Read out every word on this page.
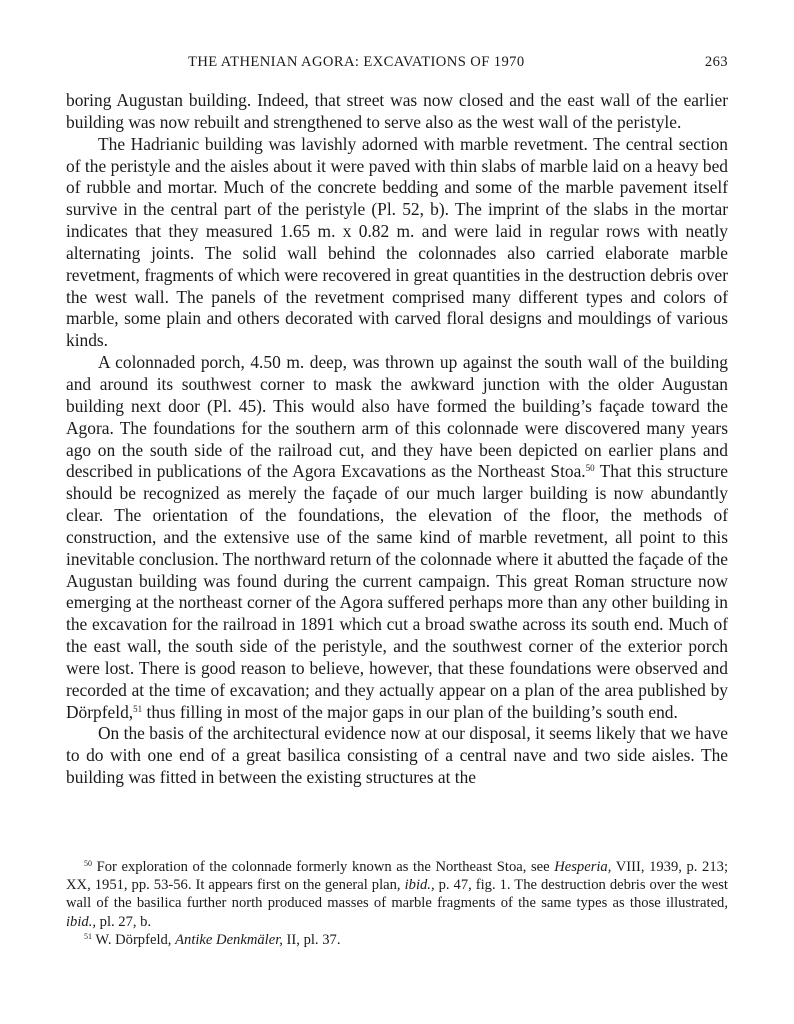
THE ATHENIAN AGORA: EXCAVATIONS OF 1970	263

boring Augustan building. Indeed, that street was now closed and the east wall of the earlier building was now rebuilt and strengthened to serve also as the west wall of the peristyle.

The Hadrianic building was lavishly adorned with marble revetment. The central section of the peristyle and the aisles about it were paved with thin slabs of marble laid on a heavy bed of rubble and mortar. Much of the concrete bedding and some of the marble pavement itself survive in the central part of the peristyle (Pl. 52, b). The imprint of the slabs in the mortar indicates that they measured 1.65 m. x 0.82 m. and were laid in regular rows with neatly alternating joints. The solid wall behind the colonnades also carried elaborate marble revetment, fragments of which were recovered in great quantities in the destruction debris over the west wall. The panels of the revetment comprised many different types and colors of marble, some plain and others decorated with carved floral designs and mouldings of various kinds.

A colonnaded porch, 4.50 m. deep, was thrown up against the south wall of the building and around its southwest corner to mask the awkward junction with the older Augustan building next door (Pl. 45). This would also have formed the building’s façade toward the Agora. The foundations for the southern arm of this colonnade were discovered many years ago on the south side of the railroad cut, and they have been depicted on earlier plans and described in publications of the Agora Excavations as the Northeast Stoa.$^{50}$ That this structure should be recognized as merely the façade of our much larger building is now abundantly clear. The orientation of the foundations, the elevation of the floor, the methods of construction, and the extensive use of the same kind of marble revetment, all point to this inevitable conclusion. The northward return of the colonnade where it abutted the façade of the Augustan building was found during the current campaign. This great Roman structure now emerging at the northeast corner of the Agora suffered perhaps more than any other building in the excavation for the railroad in 1891 which cut a broad swathe across its south end. Much of the east wall, the south side of the peristyle, and the southwest corner of the exterior porch were lost. There is good reason to believe, however, that these foundations were observed and recorded at the time of excavation; and they actually appear on a plan of the area published by Dörpfeld,$^{51}$ thus filling in most of the major gaps in our plan of the building’s south end.

On the basis of the architectural evidence now at our disposal, it seems likely that we have to do with one end of a great basilica consisting of a central nave and two side aisles. The building was fitted in between the existing structures at the

$^{50}$ For exploration of the colonnade formerly known as the Northeast Stoa, see Hesperia, VIII, 1939, p. 213; XX, 1951, pp. 53-56. It appears first on the general plan, ibid., p. 47, fig. 1. The destruction debris over the west wall of the basilica further north produced masses of marble fragments of the same types as those illustrated, ibid., pl. 27, b.

$^{51}$ W. Dörpfeld, Antike Denkmäler, II, pl. 37.
